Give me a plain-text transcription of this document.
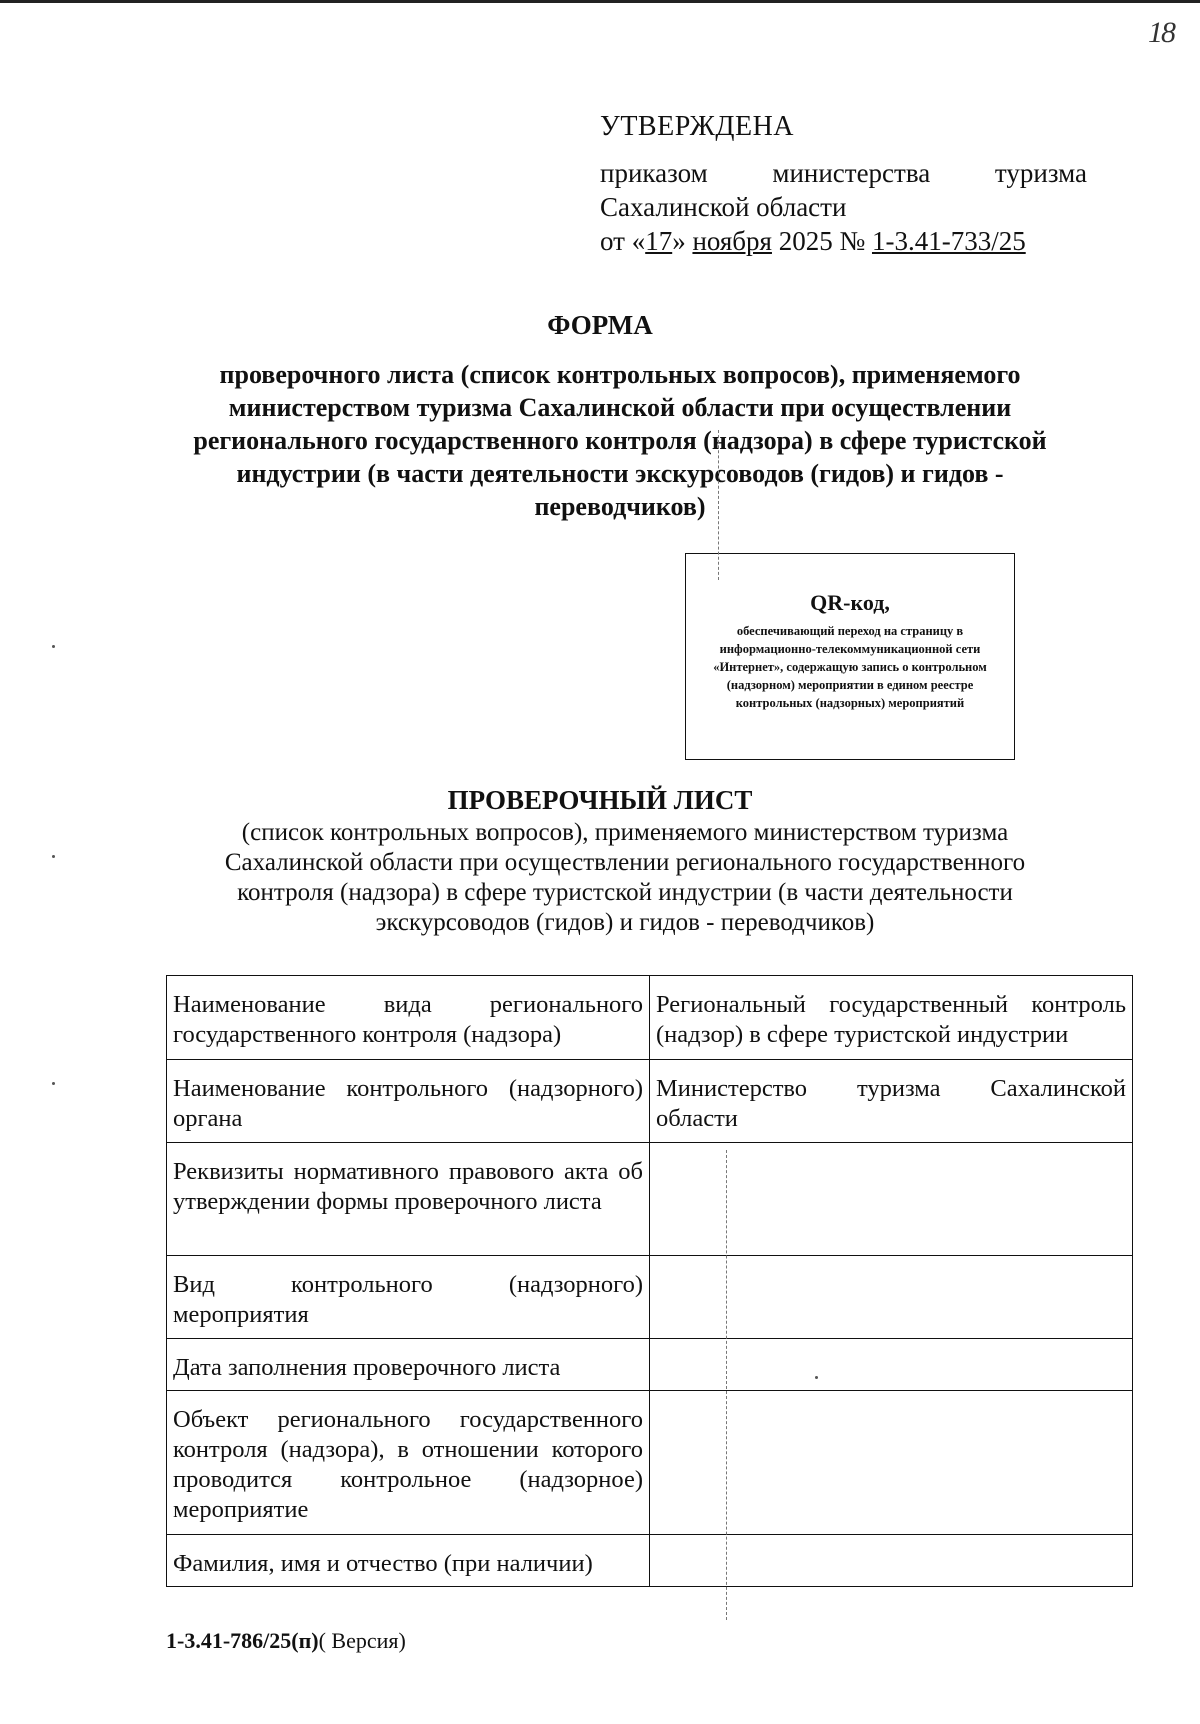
18
УТВЕРЖДЕНА
приказом министерства туризма
Сахалинской области
от «17» ноября 2025 № 1-3.41-733/25
ФОРМА
проверочного листа (список контрольных вопросов), применяемого министерством туризма Сахалинской области при осуществлении регионального государственного контроля (надзора) в сфере туристской индустрии (в части деятельности экскурсоводов (гидов) и гидов - переводчиков)
QR-код,
обеспечивающий переход на страницу в информационно-телекоммуникационной сети «Интернет», содержащую запись о контрольном (надзорном) мероприятии в едином реестре контрольных (надзорных) мероприятий
ПРОВЕРОЧНЫЙ ЛИСТ
(список контрольных вопросов), применяемого министерством туризма Сахалинской области при осуществлении регионального государственного контроля (надзора) в сфере туристской индустрии (в части деятельности экскурсоводов (гидов) и гидов - переводчиков)
Наименование вида регионального государственного контроля (надзора)	Региональный государственный контроль (надзор) в сфере туристской индустрии
Наименование контрольного (надзорного) органа	Министерство туризма Сахалинской области
Реквизиты нормативного правового акта об утверждении формы проверочного листа	
Вид контрольного (надзорного) мероприятия	
Дата заполнения проверочного листа	
Объект регионального государственного контроля (надзора), в отношении которого проводится контрольное (надзорное) мероприятие	
Фамилия, имя и отчество (при наличии)	
1-3.41-786/25(п)( Версия)
